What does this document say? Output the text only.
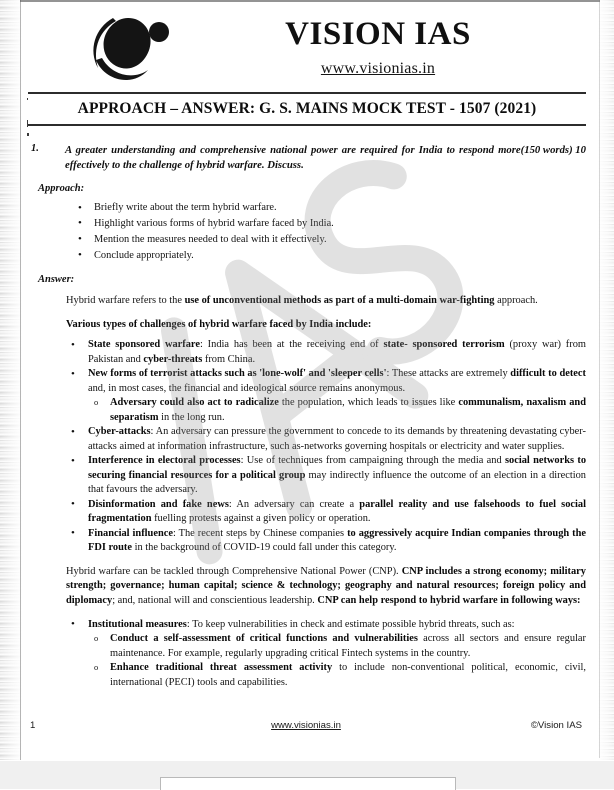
VISION IAS
www.visionias.in
APPROACH – ANSWER: G. S. MAINS MOCK TEST - 1507 (2021)
1.	(150 words) 10
A greater understanding and comprehensive national power are required for India to respond more effectively to the challenge of hybrid warfare. Discuss.
Approach:
• Briefly write about the term hybrid warfare.
• Highlight various forms of hybrid warfare faced by India.
• Mention the measures needed to deal with it effectively.
• Conclude appropriately.
Answer:
Hybrid warfare refers to the use of unconventional methods as part of a multi-domain war-fighting approach.
Various types of challenges of hybrid warfare faced by India include:
• State sponsored warfare: India has been at the receiving end of state- sponsored terrorism (proxy war) from Pakistan and cyber-threats from China.
• New forms of terrorist attacks such as 'lone-wolf' and 'sleeper cells': These attacks are extremely difficult to detect and, in most cases, the financial and ideological source remains anonymous.
o Adversary could also act to radicalize the population, which leads to issues like communalism, naxalism and separatism in the long run.
• Cyber-attacks: An adversary can pressure the government to concede to its demands by threatening devastating cyber-attacks aimed at information infrastructure, such as-networks governing hospitals or electricity and water supplies.
• Interference in electoral processes: Use of techniques from campaigning through the media and social networks to securing financial resources for a political group may indirectly influence the outcome of an election in a direction that favours the adversary.
• Disinformation and fake news: An adversary can create a parallel reality and use falsehoods to fuel social fragmentation fuelling protests against a given policy or operation.
• Financial influence: The recent steps by Chinese companies to aggressively acquire Indian companies through the FDI route in the background of COVID-19 could fall under this category.
Hybrid warfare can be tackled through Comprehensive National Power (CNP). CNP includes a strong economy; military strength; governance; human capital; science & technology; geography and natural resources; foreign policy and diplomacy; and, national will and conscientious leadership. CNP can help respond to hybrid warfare in following ways:
• Institutional measures: To keep vulnerabilities in check and estimate possible hybrid threats, such as:
o Conduct a self-assessment of critical functions and vulnerabilities across all sectors and ensure regular maintenance. For example, regularly upgrading critical Fintech systems in the country.
o Enhance traditional threat assessment activity to include non-conventional political, economic, civil, international (PECI) tools and capabilities.
1	www.visionias.in	©Vision IAS
